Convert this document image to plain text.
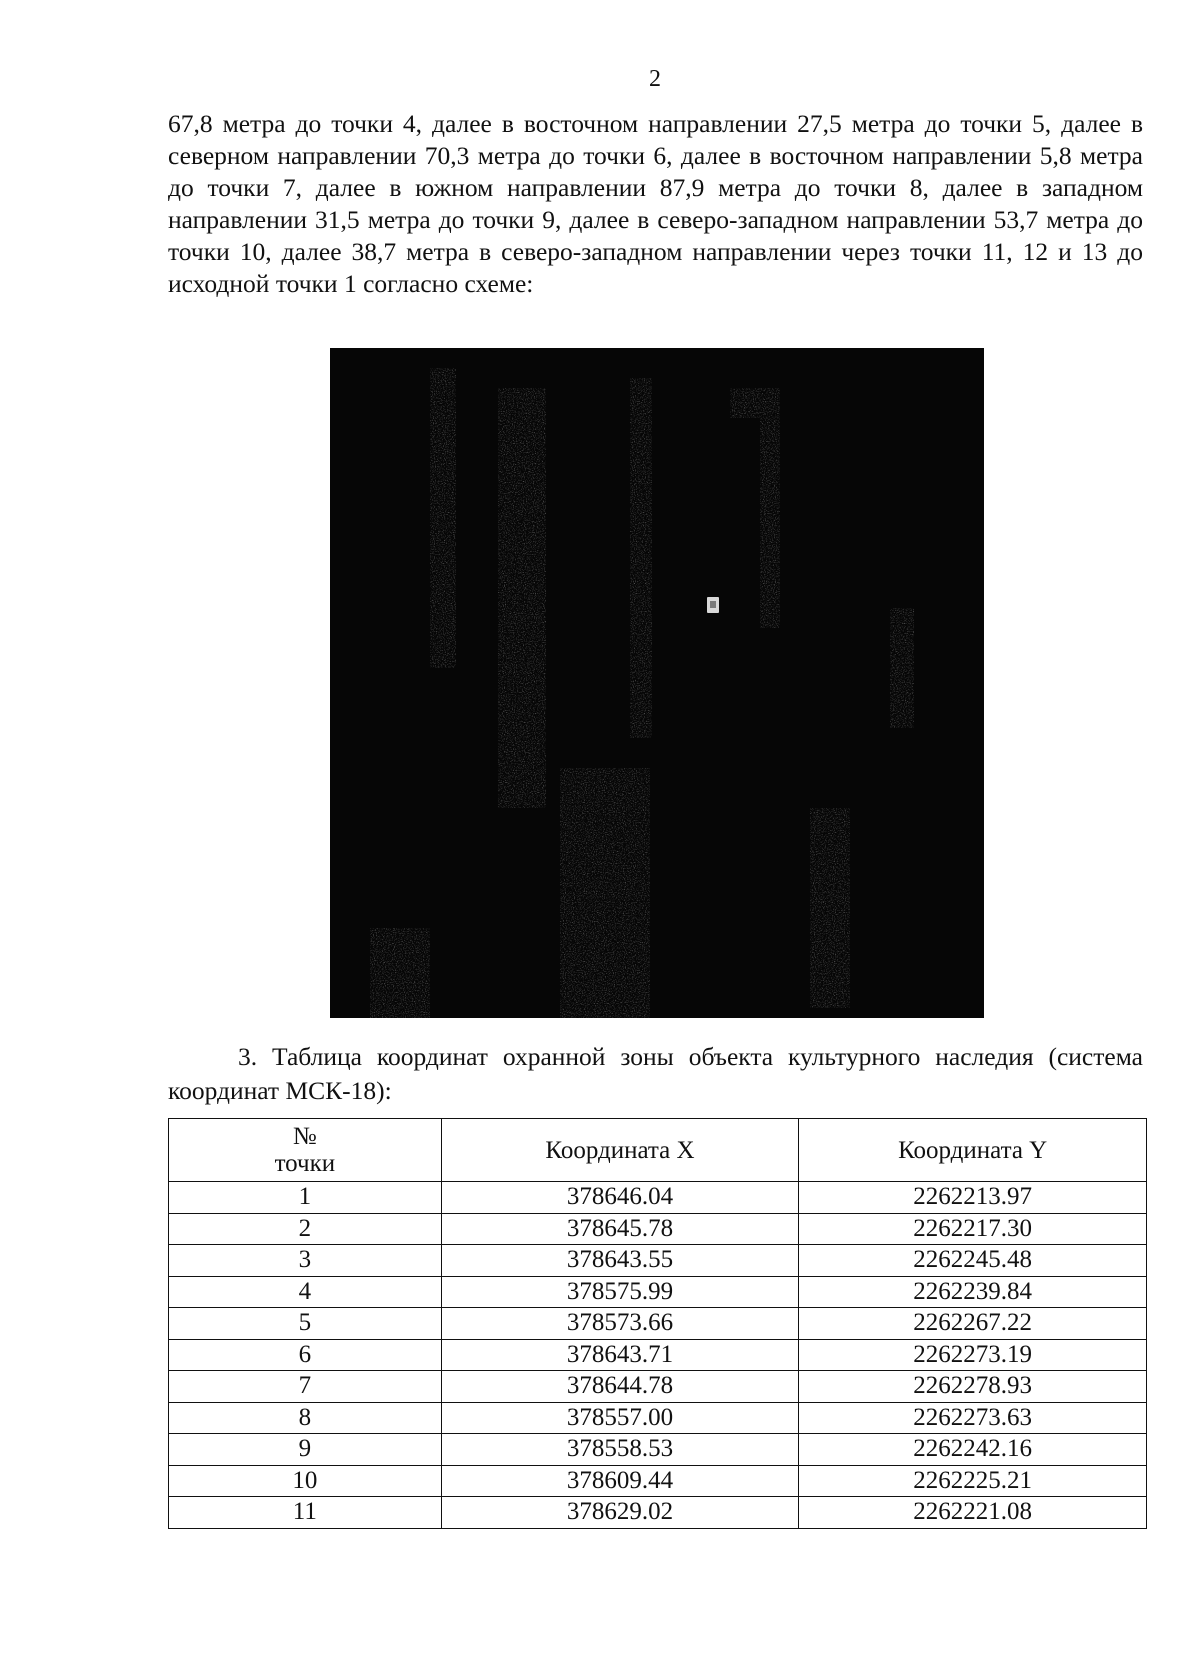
2
67,8 метра до точки 4, далее в восточном направлении 27,5 метра до точки 5, далее в северном направлении 70,3 метра до точки 6, далее в восточном направлении 5,8 метра до точки 7, далее в южном направлении 87,9 метра до точки 8, далее в западном направлении 31,5 метра до точки 9, далее в северо-западном направлении 53,7 метра до точки 10, далее 38,7 метра в северо-западном направлении через точки 11, 12 и 13 до исходной точки 1 согласно схеме:
3. Таблица координат охранной зоны объекта культурного наследия (система координат МСК-18):
№
точки	Координата X	Координата Y
1	378646.04	2262213.97
2	378645.78	2262217.30
3	378643.55	2262245.48
4	378575.99	2262239.84
5	378573.66	2262267.22
6	378643.71	2262273.19
7	378644.78	2262278.93
8	378557.00	2262273.63
9	378558.53	2262242.16
10	378609.44	2262225.21
11	378629.02	2262221.08
